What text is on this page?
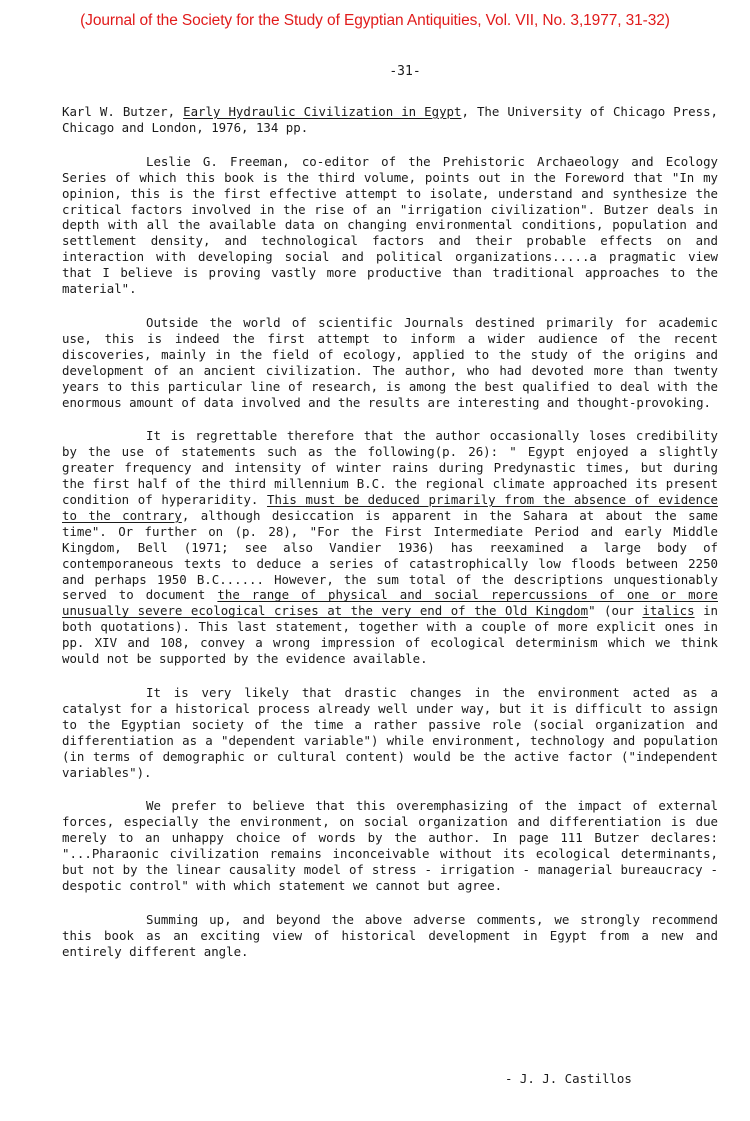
(Journal of the Society for the Study of Egyptian Antiquities, Vol. VII, No. 3,1977, 31-32)
-31-

Karl W. Butzer, Early Hydraulic Civilization in Egypt, The University of Chicago Press, Chicago and London, 1976, 134 pp.

Leslie G. Freeman, co-editor of the Prehistoric Archaeology and Ecology Series of which this book is the third volume, points out in the Foreword that "In my opinion, this is the first effective attempt to isolate, understand and synthesize the critical factors involved in the rise of an "irrigation civilization". Butzer deals in depth with all the available data on changing environmental conditions, population and settlement density, and technological factors and their probable effects on and interaction with developing social and political organizations.....a pragmatic view that I believe is proving vastly more productive than traditional approaches to the material".

Outside the world of scientific Journals destined primarily for academic use, this is indeed the first attempt to inform a wider audience of the recent discoveries, mainly in the field of ecology, applied to the study of the origins and development of an ancient civilization. The author, who had devoted more than twenty years to this particular line of research, is among the best qualified to deal with the enormous amount of data involved and the results are interesting and thought-provoking.

It is regrettable therefore that the author occasionally loses credibility by the use of statements such as the following(p. 26): " Egypt enjoyed a slightly greater frequency and intensity of winter rains during Predynastic times, but during the first half of the third millennium B.C. the regional climate approached its present condition of hyperaridity. This must be deduced primarily from the absence of evidence to the contrary, although desiccation is apparent in the Sahara at about the same time". Or further on (p. 28), "For the First Intermediate Period and early Middle Kingdom, Bell (1971; see also Vandier 1936) has reexamined a large body of contemporaneous texts to deduce a series of catastrophically low floods between 2250 and perhaps 1950 B.C...... However, the sum total of the descriptions unquestionably served to document the range of physical and social repercussions of one or more unusually severe ecological crises at the very end of the Old Kingdom" (our italics in both quotations). This last statement, together with a couple of more explicit ones in pp. XIV and 108, convey a wrong impression of ecological determinism which we think would not be supported by the evidence available.

It is very likely that drastic changes in the environment acted as a catalyst for a historical process already well under way, but it is difficult to assign to the Egyptian society of the time a rather passive role (social organization and differentiation as a "dependent variable") while environment, technology and population (in terms of demographic or cultural content) would be the active factor ("independent variables").

We prefer to believe that this overemphasizing of the impact of external forces, especially the environment, on social organization and differentiation is due merely to an unhappy choice of words by the author. In page 111 Butzer declares: "...Pharaonic civilization remains inconceivable without its ecological determinants, but not by the linear causality model of stress - irrigation - managerial bureaucracy - despotic control" with which statement we cannot but agree.

Summing up, and beyond the above adverse comments, we strongly recommend this book as an exciting view of historical development in Egypt from a new and entirely different angle.

- J. J. Castillos
